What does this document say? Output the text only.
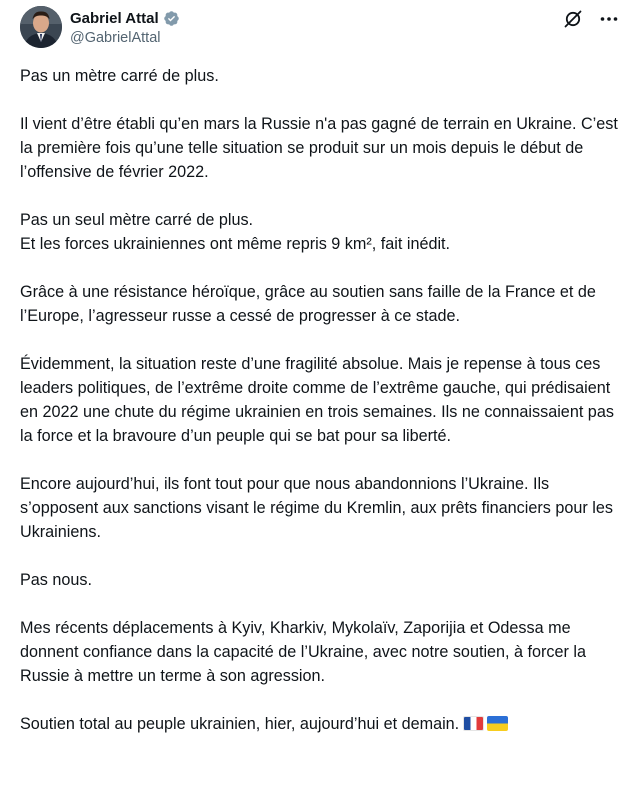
Gabriel Attal
@GabrielAttal

Pas un mètre carré de plus.

Il vient d’être établi qu’en mars la Russie n'a pas gagné de terrain en Ukraine. C’est la première fois qu’une telle situation se produit sur un mois depuis le début de l’offensive de février 2022.

Pas un seul mètre carré de plus.
Et les forces ukrainiennes ont même repris 9 km², fait inédit.

Grâce à une résistance héroïque, grâce au soutien sans faille de la France et de l’Europe, l’agresseur russe a cessé de progresser à ce stade.

Évidemment, la situation reste d’une fragilité absolue. Mais je repense à tous ces leaders politiques, de l’extrême droite comme de l’extrême gauche, qui prédisaient en 2022 une chute du régime ukrainien en trois semaines. Ils ne connaissaient pas la force et la bravoure d’un peuple qui se bat pour sa liberté.

Encore aujourd’hui, ils font tout pour que nous abandonnions l’Ukraine. Ils s’opposent aux sanctions visant le régime du Kremlin, aux prêts financiers pour les Ukrainiens.

Pas nous.

Mes récents déplacements à Kyiv, Kharkiv, Mykolaïv, Zaporijia et Odessa me donnent confiance dans la capacité de l’Ukraine, avec notre soutien, à forcer la Russie à mettre un terme à son agression.

Soutien total au peuple ukrainien, hier, aujourd’hui et demain.
